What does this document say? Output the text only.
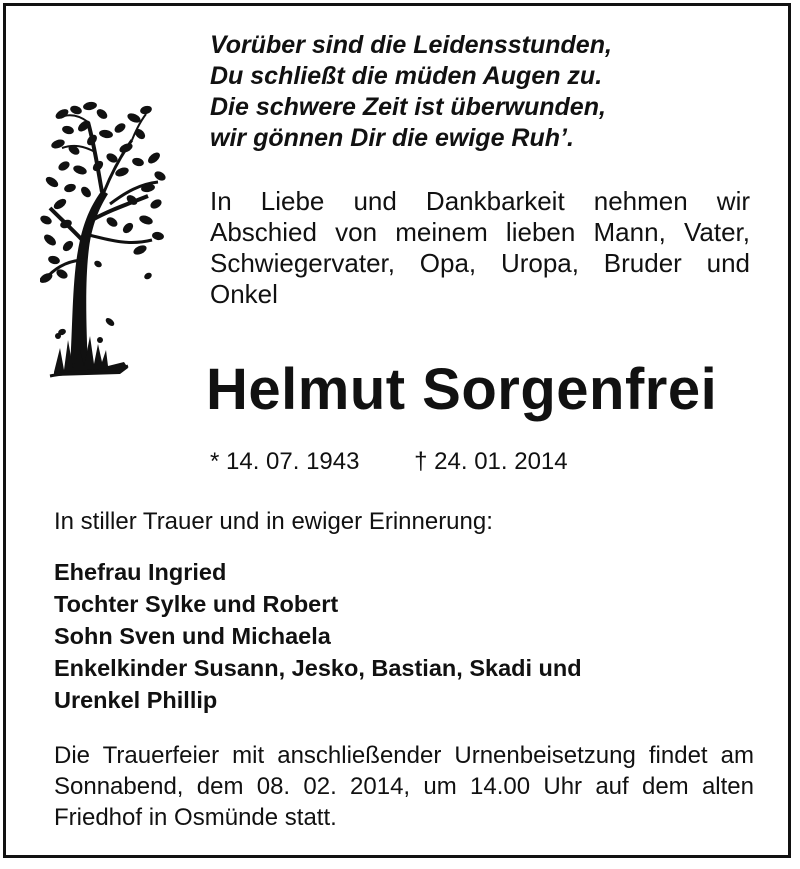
Vorüber sind die Leidensstunden,
Du schließt die müden Augen zu.
Die schwere Zeit ist überwunden,
wir gönnen Dir die ewige Ruh’.
In Liebe und Dankbarkeit nehmen wir Abschied von meinem lieben Mann, Vater, Schwiegervater, Opa, Uropa, Bruder und Onkel
Helmut Sorgenfrei
* 14. 07. 1943 † 24. 01. 2014
In stiller Trauer und in ewiger Erinnerung:
Ehefrau Ingried
Tochter Sylke und Robert
Sohn Sven und Michaela
Enkelkinder Susann, Jesko, Bastian, Skadi und
Urenkel Phillip
Die Trauerfeier mit anschließender Urnenbeisetzung findet am Sonnabend, dem 08. 02. 2014, um 14.00 Uhr auf dem alten Friedhof in Osmünde statt.
